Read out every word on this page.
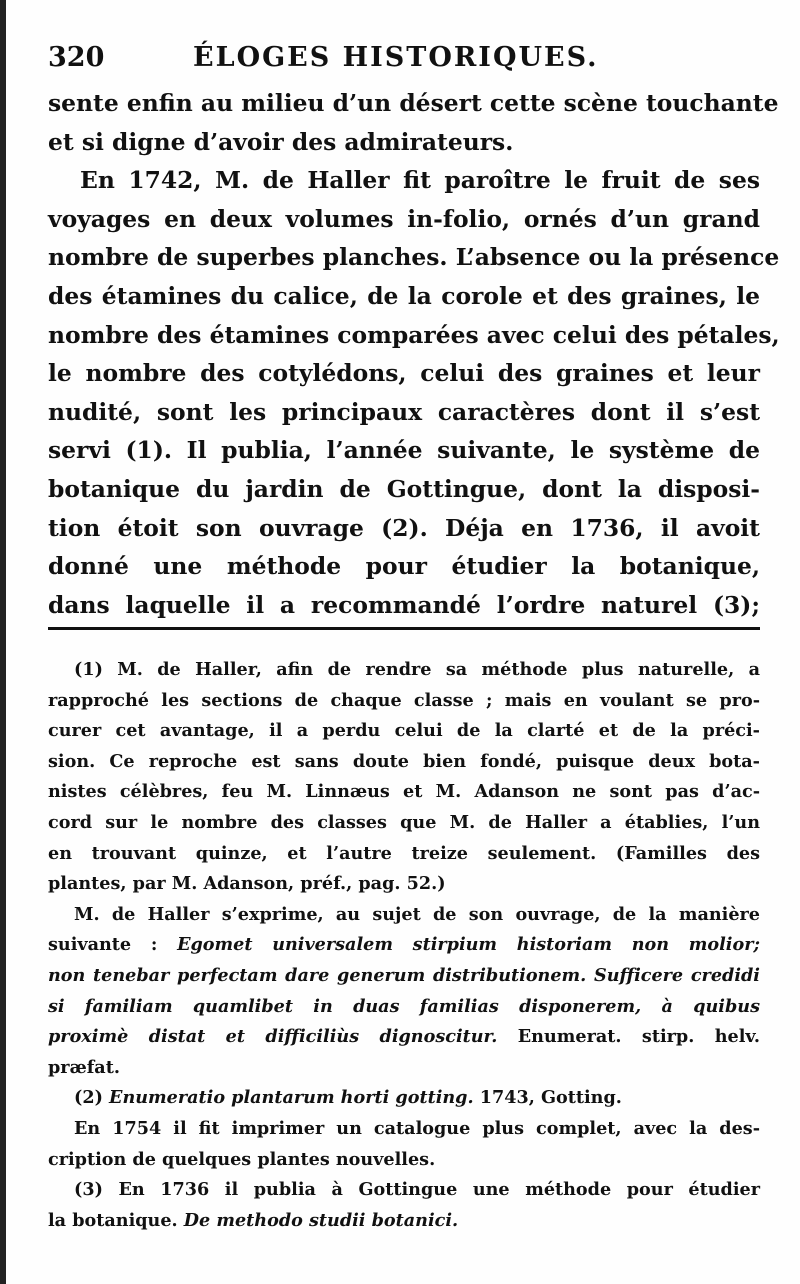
320	ÉLOGES HISTORIQUES.
sente enfin au milieu d’un désert cette scène touchante
et si digne d’avoir des admirateurs.
En 1742, M. de Haller fit paroître le fruit de ses
voyages en deux volumes in-folio, ornés d’un grand
nombre de superbes planches. L’absence ou la présence
des étamines du calice, de la corole et des graines, le
nombre des étamines comparées avec celui des pétales,
le nombre des cotylédons, celui des graines et leur
nudité, sont les principaux caractères dont il s’est
servi (1). Il publia, l’année suivante, le système de
botanique du jardin de Gottingue, dont la disposi-
tion étoit son ouvrage (2). Déja en 1736, il avoit
donné une méthode pour étudier la botanique,
dans laquelle il a recommandé l’ordre naturel (3);
(1) M. de Haller, afin de rendre sa méthode plus naturelle, a
rapproché les sections de chaque classe ; mais en voulant se pro-
curer cet avantage, il a perdu celui de la clarté et de la préci-
sion. Ce reproche est sans doute bien fondé, puisque deux bota-
nistes célèbres, feu M. Linnæus et M. Adanson ne sont pas d’ac-
cord sur le nombre des classes que M. de Haller a établies, l’un
en trouvant quinze, et l’autre treize seulement. (Familles des
plantes, par M. Adanson, préf., pag. 52.)
M. de Haller s’exprime, au sujet de son ouvrage, de la manière
suivante : Egomet universalem stirpium historiam non molior;
non tenebar perfectam dare generum distributionem. Sufficere credidi
si familiam quamlibet in duas familias disponerem, à quibus
proximè distat et difficiliùs dignoscitur. Enumerat. stirp. helv.
præfat.
(2) Enumeratio plantarum horti gotting. 1743, Gotting.
En 1754 il fit imprimer un catalogue plus complet, avec la des-
cription de quelques plantes nouvelles.
(3) En 1736 il publia à Gottingue une méthode pour étudier
la botanique. De methodo studii botanici.
